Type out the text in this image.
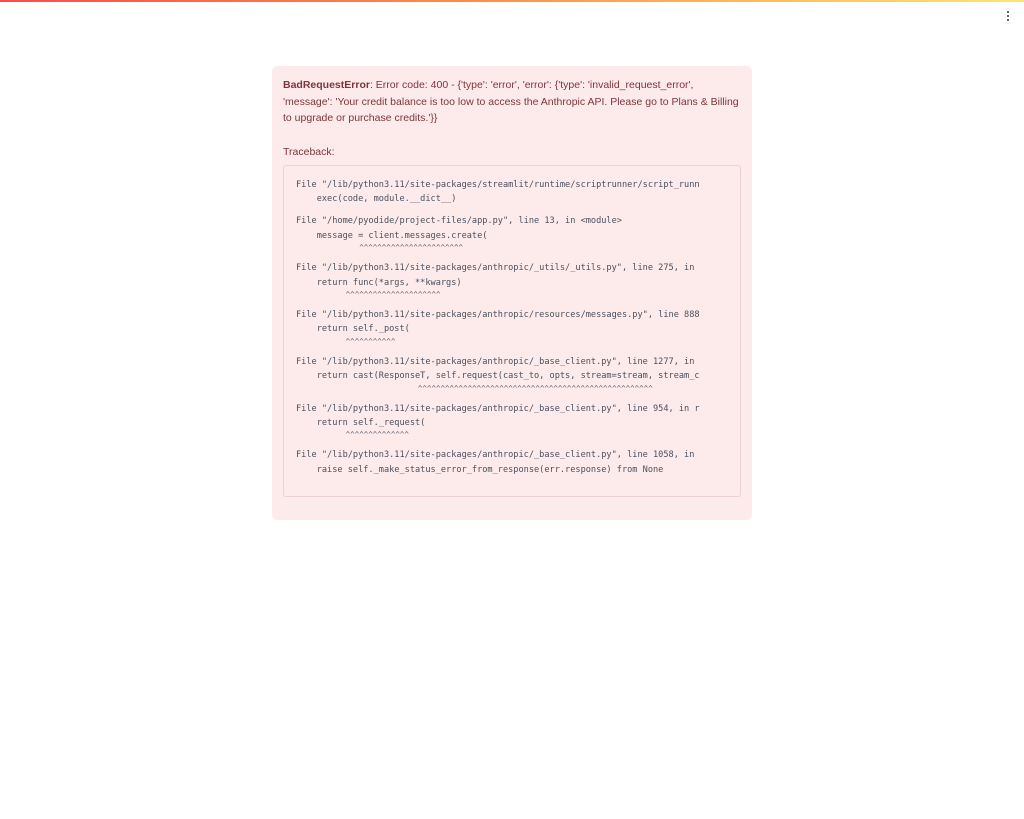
BadRequestError: Error code: 400 - {'type': 'error', 'error': {'type': 'invalid_request_error', 'message': 'Your credit balance is too low to access the Anthropic API. Please go to Plans & Billing to upgrade or purchase credits.'}}

Traceback:
File "/lib/python3.11/site-packages/streamlit/runtime/scriptrunner/script_runn
exec(code, module.__dict__)
File "/home/pyodide/project-files/app.py", line 13, in <module>
message = client.messages.create(
^^^^^^^^^^^^^^^^^^^^^^^
File "/lib/python3.11/site-packages/anthropic/_utils/_utils.py", line 275, in
return func(*args, **kwargs)
^^^^^^^^^^^^^^^^^^^^^
File "/lib/python3.11/site-packages/anthropic/resources/messages.py", line 888
return self._post(
^^^^^^^^^^^
File "/lib/python3.11/site-packages/anthropic/_base_client.py", line 1277, in
return cast(ResponseT, self.request(cast_to, opts, stream=stream, stream_c
^^^^^^^^^^^^^^^^^^^^^^^^^^^^^^^^^^^^^^^^^^^^^^^^^^^^
File "/lib/python3.11/site-packages/anthropic/_base_client.py", line 954, in r
return self._request(
^^^^^^^^^^^^^^
File "/lib/python3.11/site-packages/anthropic/_base_client.py", line 1058, in
raise self._make_status_error_from_response(err.response) from None
